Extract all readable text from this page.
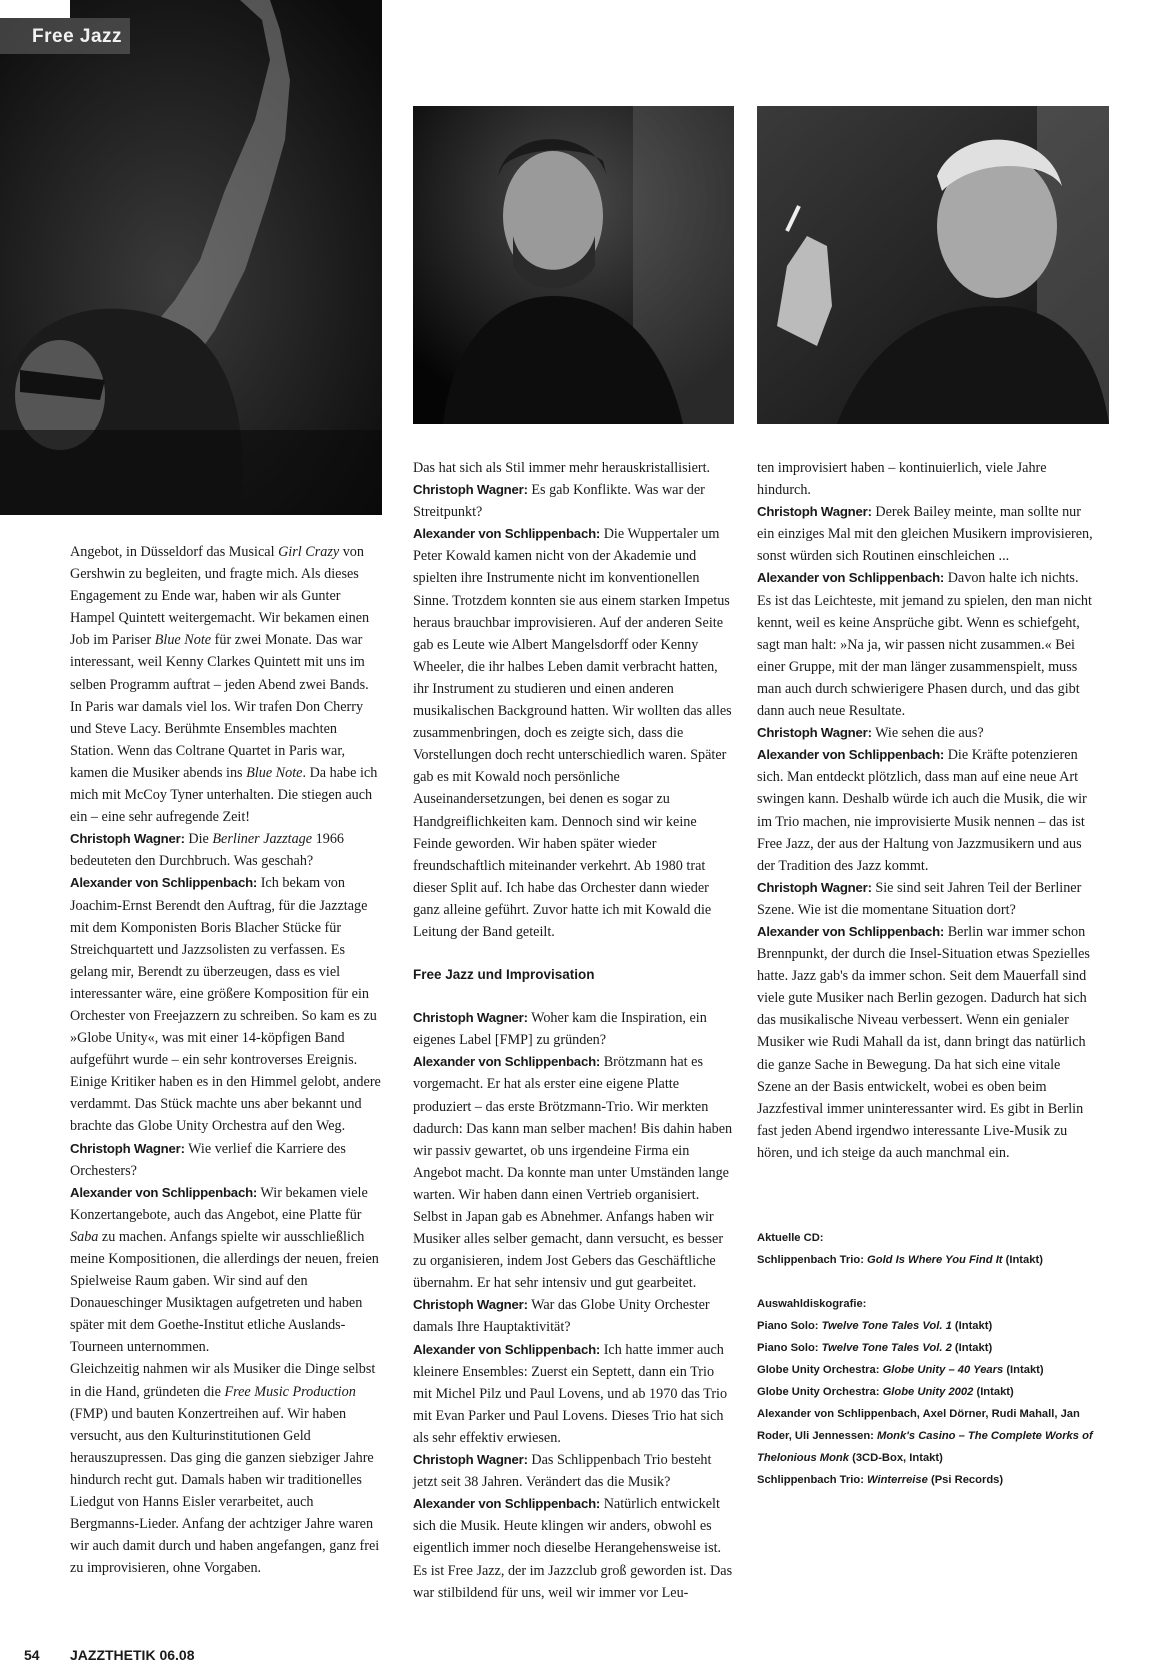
Free Jazz

Angebot, in Düsseldorf das Musical Girl Crazy von Gershwin zu begleiten, und fragte mich. Als dieses Engagement zu Ende war, haben wir als Gunter Hampel Quintett weitergemacht. Wir bekamen einen Job im Pariser Blue Note für zwei Monate. Das war interessant, weil Kenny Clarkes Quintett mit uns im selben Programm auftrat – jeden Abend zwei Bands. In Paris war damals viel los. Wir trafen Don Cherry und Steve Lacy. Berühmte Ensembles machten Station. Wenn das Coltrane Quartet in Paris war, kamen die Musiker abends ins Blue Note. Da habe ich mich mit McCoy Tyner unterhalten. Die stiegen auch ein – eine sehr aufregende Zeit!
Christoph Wagner: Die Berliner Jazztage 1966 bedeuteten den Durchbruch. Was geschah?
Alexander von Schlippenbach: Ich bekam von Joachim-Ernst Berendt den Auftrag, für die Jazztage mit dem Komponisten Boris Blacher Stücke für Streichquartett und Jazzsolisten zu verfassen. Es gelang mir, Berendt zu überzeugen, dass es viel interessanter wäre, eine größere Komposition für ein Orchester von Freejazzern zu schreiben. So kam es zu »Globe Unity«, was mit einer 14-köpfigen Band aufgeführt wurde – ein sehr kontroverses Ereignis. Einige Kritiker haben es in den Himmel gelobt, andere verdammt. Das Stück machte uns aber bekannt und brachte das Globe Unity Orchestra auf den Weg.
Christoph Wagner: Wie verlief die Karriere des Orchesters?
Alexander von Schlippenbach: Wir bekamen viele Konzertangebote, auch das Angebot, eine Platte für Saba zu machen. Anfangs spielte wir ausschließlich meine Kompositionen, die allerdings der neuen, freien Spielweise Raum gaben. Wir sind auf den Donaueschinger Musiktagen aufgetreten und haben später mit dem Goethe-Institut etliche Auslands-Tourneen unternommen.
Gleichzeitig nahmen wir als Musiker die Dinge selbst in die Hand, gründeten die Free Music Production (FMP) und bauten Konzertreihen auf. Wir haben versucht, aus den Kulturinstitutionen Geld herauszupressen. Das ging die ganzen siebziger Jahre hindurch recht gut. Damals haben wir traditionelles Liedgut von Hanns Eisler verarbeitet, auch Bergmanns-Lieder. Anfang der achtziger Jahre waren wir auch damit durch und haben angefangen, ganz frei zu improvisieren, ohne Vorgaben.

Das hat sich als Stil immer mehr herauskristallisiert.
Christoph Wagner: Es gab Konflikte. Was war der Streitpunkt?
Alexander von Schlippenbach: Die Wuppertaler um Peter Kowald kamen nicht von der Akademie und spielten ihre Instrumente nicht im konventionellen Sinne. Trotzdem konnten sie aus einem starken Impetus heraus brauchbar improvisieren. Auf der anderen Seite gab es Leute wie Albert Mangelsdorff oder Kenny Wheeler, die ihr halbes Leben damit verbracht hatten, ihr Instrument zu studieren und einen anderen musikalischen Background hatten. Wir wollten das alles zusammenbringen, doch es zeigte sich, dass die Vorstellungen doch recht unterschiedlich waren. Später gab es mit Kowald noch persönliche Auseinandersetzungen, bei denen es sogar zu Handgreiflichkeiten kam. Dennoch sind wir keine Feinde geworden. Wir haben später wieder freundschaftlich miteinander verkehrt. Ab 1980 trat dieser Split auf. Ich habe das Orchester dann wieder ganz alleine geführt. Zuvor hatte ich mit Kowald die Leitung der Band geteilt.

Free Jazz und Improvisation

Christoph Wagner: Woher kam die Inspiration, ein eigenes Label [FMP] zu gründen?
Alexander von Schlippenbach: Brötzmann hat es vorgemacht. Er hat als erster eine eigene Platte produziert – das erste Brötzmann-Trio. Wir merkten dadurch: Das kann man selber machen! Bis dahin haben wir passiv gewartet, ob uns irgendeine Firma ein Angebot macht. Da konnte man unter Umständen lange warten. Wir haben dann einen Vertrieb organisiert. Selbst in Japan gab es Abnehmer. Anfangs haben wir Musiker alles selber gemacht, dann versucht, es besser zu organisieren, indem Jost Gebers das Geschäftliche übernahm. Er hat sehr intensiv und gut gearbeitet.
Christoph Wagner: War das Globe Unity Orchester damals Ihre Hauptaktivität?
Alexander von Schlippenbach: Ich hatte immer auch kleinere Ensembles: Zuerst ein Septett, dann ein Trio mit Michel Pilz und Paul Lovens, und ab 1970 das Trio mit Evan Parker und Paul Lovens. Dieses Trio hat sich als sehr effektiv erwiesen.
Christoph Wagner: Das Schlippenbach Trio besteht jetzt seit 38 Jahren. Verändert das die Musik?
Alexander von Schlippenbach: Natürlich entwickelt sich die Musik. Heute klingen wir anders, obwohl es eigentlich immer noch dieselbe Herangehensweise ist. Es ist Free Jazz, der im Jazzclub groß geworden ist. Das war stilbildend für uns, weil wir immer vor Leu-

ten improvisiert haben – kontinuierlich, viele Jahre hindurch.
Christoph Wagner: Derek Bailey meinte, man sollte nur ein einziges Mal mit den gleichen Musikern improvisieren, sonst würden sich Routinen einschleichen ...
Alexander von Schlippenbach: Davon halte ich nichts. Es ist das Leichteste, mit jemand zu spielen, den man nicht kennt, weil es keine Ansprüche gibt. Wenn es schiefgeht, sagt man halt: »Na ja, wir passen nicht zusammen.« Bei einer Gruppe, mit der man länger zusammenspielt, muss man auch durch schwierigere Phasen durch, und das gibt dann auch neue Resultate.
Christoph Wagner: Wie sehen die aus?
Alexander von Schlippenbach: Die Kräfte potenzieren sich. Man entdeckt plötzlich, dass man auf eine neue Art swingen kann. Deshalb würde ich auch die Musik, die wir im Trio machen, nie improvisierte Musik nennen – das ist Free Jazz, der aus der Haltung von Jazzmusikern und aus der Tradition des Jazz kommt.
Christoph Wagner: Sie sind seit Jahren Teil der Berliner Szene. Wie ist die momentane Situation dort?
Alexander von Schlippenbach: Berlin war immer schon Brennpunkt, der durch die Insel-Situation etwas Spezielles hatte. Jazz gab's da immer schon. Seit dem Mauerfall sind viele gute Musiker nach Berlin gezogen. Dadurch hat sich das musikalische Niveau verbessert. Wenn ein genialer Musiker wie Rudi Mahall da ist, dann bringt das natürlich die ganze Sache in Bewegung. Da hat sich eine vitale Szene an der Basis entwickelt, wobei es oben beim Jazzfestival immer uninteressanter wird. Es gibt in Berlin fast jeden Abend irgendwo interessante Live-Musik zu hören, und ich steige da auch manchmal ein.

Aktuelle CD:

Schlippenbach Trio: Gold Is Where You Find It (Intakt)

Auswahldiskografie:

Piano Solo: Twelve Tone Tales Vol. 1 (Intakt)

Piano Solo: Twelve Tone Tales Vol. 2 (Intakt)

Globe Unity Orchestra: Globe Unity – 40 Years (Intakt)

Globe Unity Orchestra: Globe Unity 2002 (Intakt)

Alexander von Schlippenbach, Axel Dörner, Rudi Mahall, Jan Roder, Uli Jennessen: Monk's Casino – The Complete Works of Thelonious Monk (3CD-Box, Intakt)

Schlippenbach Trio: Winterreise (Psi Records)

54 JAZZTHETIK 06.08
